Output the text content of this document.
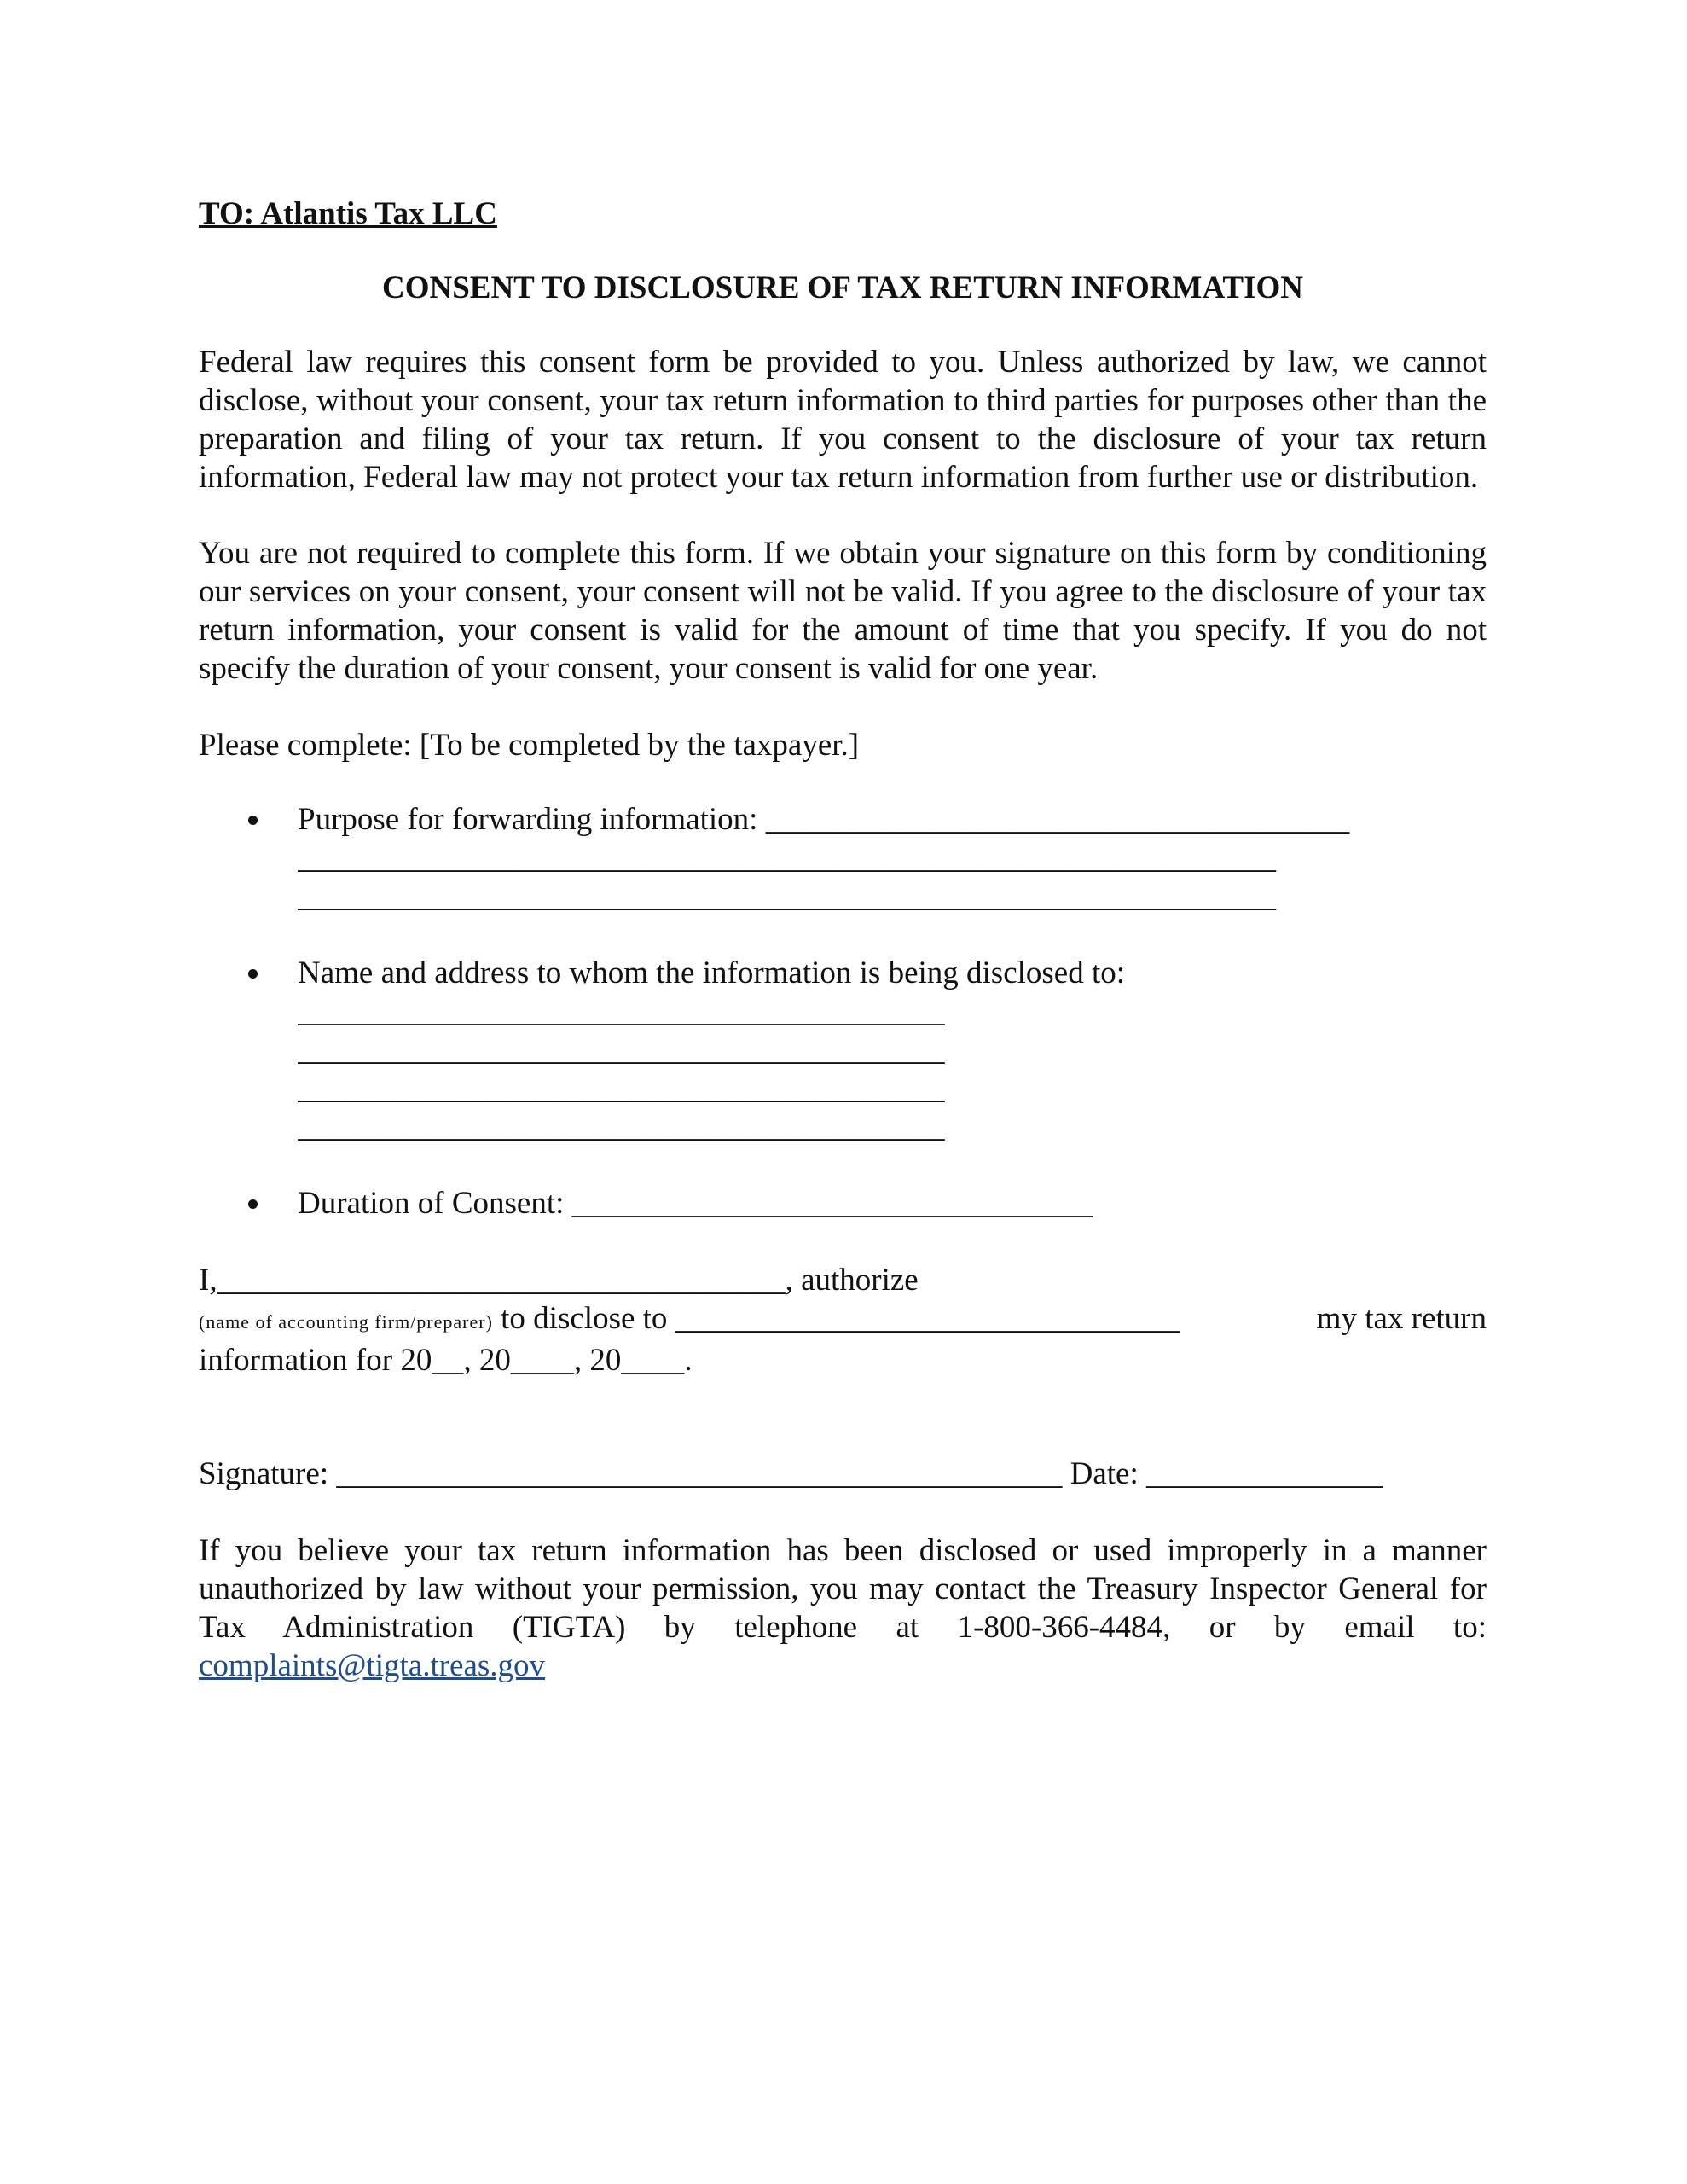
TO: Atlantis Tax LLC

CONSENT TO DISCLOSURE OF TAX RETURN INFORMATION

Federal law requires this consent form be provided to you. Unless authorized by law, we cannot disclose, without your consent, your tax return information to third parties for purposes other than the preparation and filing of your tax return. If you consent to the disclosure of your tax return information, Federal law may not protect your tax return information from further use or distribution.

You are not required to complete this form. If we obtain your signature on this form by conditioning our services on your consent, your consent will not be valid. If you agree to the disclosure of your tax return information, your consent is valid for the amount of time that you specify. If you do not specify the duration of your consent, your consent is valid for one year.

Please complete: [To be completed by the taxpayer.]

Purpose for forwarding information: _____________________________________
______________________________________________________________
______________________________________________________________
Name and address to whom the information is being disclosed to:
_________________________________________
_________________________________________
_________________________________________
_________________________________________
Duration of Consent: _________________________________
I,____________________________________, authorize
(name of accounting firm/preparer) to disclose to ________________________________	my tax return
information for 20__, 20____, 20____.
Signature: ______________________________________________ Date: _______________

If you believe your tax return information has been disclosed or used improperly in a manner unauthorized by law without your permission, you may contact the Treasury Inspector General for Tax Administration (TIGTA) by telephone at 1-800-366-4484, or by email to: complaints@tigta.treas.gov
